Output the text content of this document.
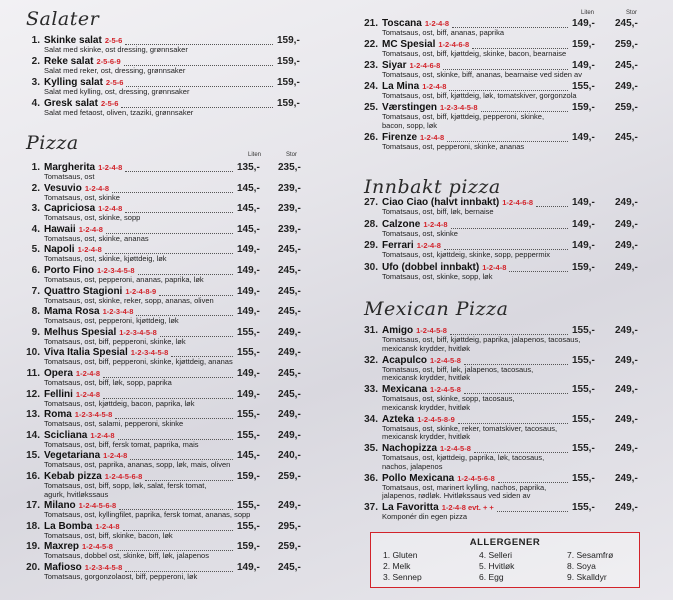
Salater
1. Skinke salat 2-5-6	159,-
Salat med skinke, ost dressing, grønnsaker
2. Reke salat 2-5-6-9	159,-
Salat med reker, ost, dressing, grønnsaker
3. Kylling salat 2-5-6	159,-
Salat med kylling, ost, dressing, grønnsaker
4. Gresk salat 2-5-6	159,-
Salat med fetaost, oliven, tzaziki, grønnsaker
Pizza
Liten	Stor
1. Margherita 1-2-4-8	135,- 235,-
Tomatsaus, ost
2. Vesuvio 1-2-4-8	145,- 239,-
Tomatsaus, ost, skinke
3. Capriciosa 1-2-4-8	145,- 239,-
Tomatsaus, ost, skinke, sopp
4. Hawaii 1-2-4-8	145,- 239,-
Tomatsaus, ost, skinke, ananas
5. Napoli 1-2-4-8	149,- 245,-
Tomatsaus, ost, skinke, kjøttdeig, løk
6. Porto Fino 1-2-3-4-5-8	149,- 245,-
Tomatsaus, ost, pepperoni, ananas, paprika, løk
7. Quattro Stagioni 1-2-4-8-9	149,- 245,-
Tomatsaus, ost, skinke, reker, sopp, ananas, oliven
8. Mama Rosa 1-2-3-4-8	149,- 245,-
Tomatsaus, ost, pepperoni, kjøttdeig, løk
9. Melhus Spesial 1-2-3-4-5-8	155,- 249,-
Tomatsaus, ost, biff, pepperoni, skinke, løk
10. Viva Italia Spesial 1-2-3-4-5-8	155,- 249,-
Tomatsaus, ost, biff, pepperoni, skinke, kjøttdeig, ananas
11. Opera 1-2-4-8	149,- 245,-
Tomatsaus, ost, biff, løk, sopp, paprika
12. Fellini 1-2-4-8	149,- 245,-
Tomatsaus, ost, kjøttdeig, bacon, paprika, løk
13. Roma 1-2-3-4-5-8	155,- 249,-
Tomatsaus, ost, salami, pepperoni, skinke
14. Scicliana 1-2-4-8	155,- 249,-
Tomatsaus, ost, biff, fersk tomat, paprika, mais
15. Vegetariana 1-2-4-8	145,- 240,-
Tomatsaus, ost, paprika, ananas, sopp, løk, mais, oliven
16. Kebab pizza 1-2-4-5-6-8	159,- 259,-
Tomatsaus, ost, biff, sopp, løk, salat, fersk tomat,
agurk, hvitløkssaus
17. Milano 1-2-4-5-6-8	155,- 249,-
Tomatsaus, ost, kyllingfilet, paprika, fersk tomat, ananas, sopp
18. La Bomba 1-2-4-8	155,- 295,-
Tomatsaus, ost, biff, skinke, bacon, løk
19. Maxrep 1-2-4-5-8	159,- 259,-
Tomatsaus, dobbel ost, skinke, biff, løk, jalapenos
20. Mafioso 1-2-3-4-5-8	149,- 245,-
Tomatsaus, gorgonzolaost, biff, pepperoni, løk
Liten	Stor
21. Toscana 1-2-4-8	149,- 245,-
Tomatsaus, ost, biff, ananas, paprika
22. MC Spesial 1-2-4-6-8	159,- 259,-
Tomatsaus, ost, biff, kjøttdeig, skinke, bacon, bearnaise
23. Siyar 1-2-4-6-8	149,- 245,-
Tomatsaus, ost, skinke, biff, ananas, bearnaise ved siden av
24. La Mina 1-2-4-8	155,- 249,-
Tomatsaus, ost, biff, kjøttdeig, løk, tomatskiver, gorgonzola
25. Værstingen 1-2-3-4-5-8	159,- 259,-
Tomatsaus, ost, biff, kjøttdeig, pepperoni, skinke,
bacon, sopp, løk
26. Firenze 1-2-4-8	149,- 245,-
Tomatsaus, ost, pepperoni, skinke, ananas
Innbakt pizza
27. Ciao Ciao (halvt innbakt) 1-2-4-6-8	149,- 249,-
Tomatsaus, ost, biff, løk, bernaise
28. Calzone 1-2-4-8	149,- 249,-
Tomatsaus, ost, skinke
29. Ferrari 1-2-4-8	149,- 249,-
Tomatsaus, ost, kjøttdeig, skinke, sopp, peppermix
30. Ufo (dobbel innbakt) 1-2-4-8	159,- 249,-
Tomatsaus, ost, skinke, sopp, løk
Mexican Pizza
31. Amigo 1-2-4-5-8	155,- 249,-
Tomatsaus, ost, biff, kjøttdeig, paprika, jalapenos, tacosaus,
mexicansk krydder, hvitløk
32. Acapulco 1-2-4-5-8	155,- 249,-
Tomatsaus, ost, biff, løk, jalapenos, tacosaus,
mexicansk krydder, hvitløk
33. Mexicana 1-2-4-5-8	155,- 249,-
Tomatsaus, ost, skinke, sopp, tacosaus,
mexicansk krydder, hvitløk
34. Azteka 1-2-4-5-8-9	155,- 249,-
Tomatsaus, ost, skinke, reker, tomatskiver, tacosaus,
mexicansk krydder, hvitløk
35. Nachopizza 1-2-4-5-8	155,- 249,-
Tomatsaus, ost, kjøttdeig, paprika, løk, tacosaus,
nachos, jalapenos
36. Pollo Mexicana 1-2-4-5-6-8	155,- 249,-
Tomatsaus, ost, marinert kylling, nachos, paprika,
jalapenos, rødløk. Hvitløkssaus ved siden av
37. La Favoritta 1-2-4-8 evt. + +	155,- 249,-
Komponér din egen pizza
ALLERGENER
1. Gluten
2. Melk
3. Sennep
4. Selleri
5. Hvitløk
6. Egg
7. Sesamfrø
8. Soya
9. Skalldyr
